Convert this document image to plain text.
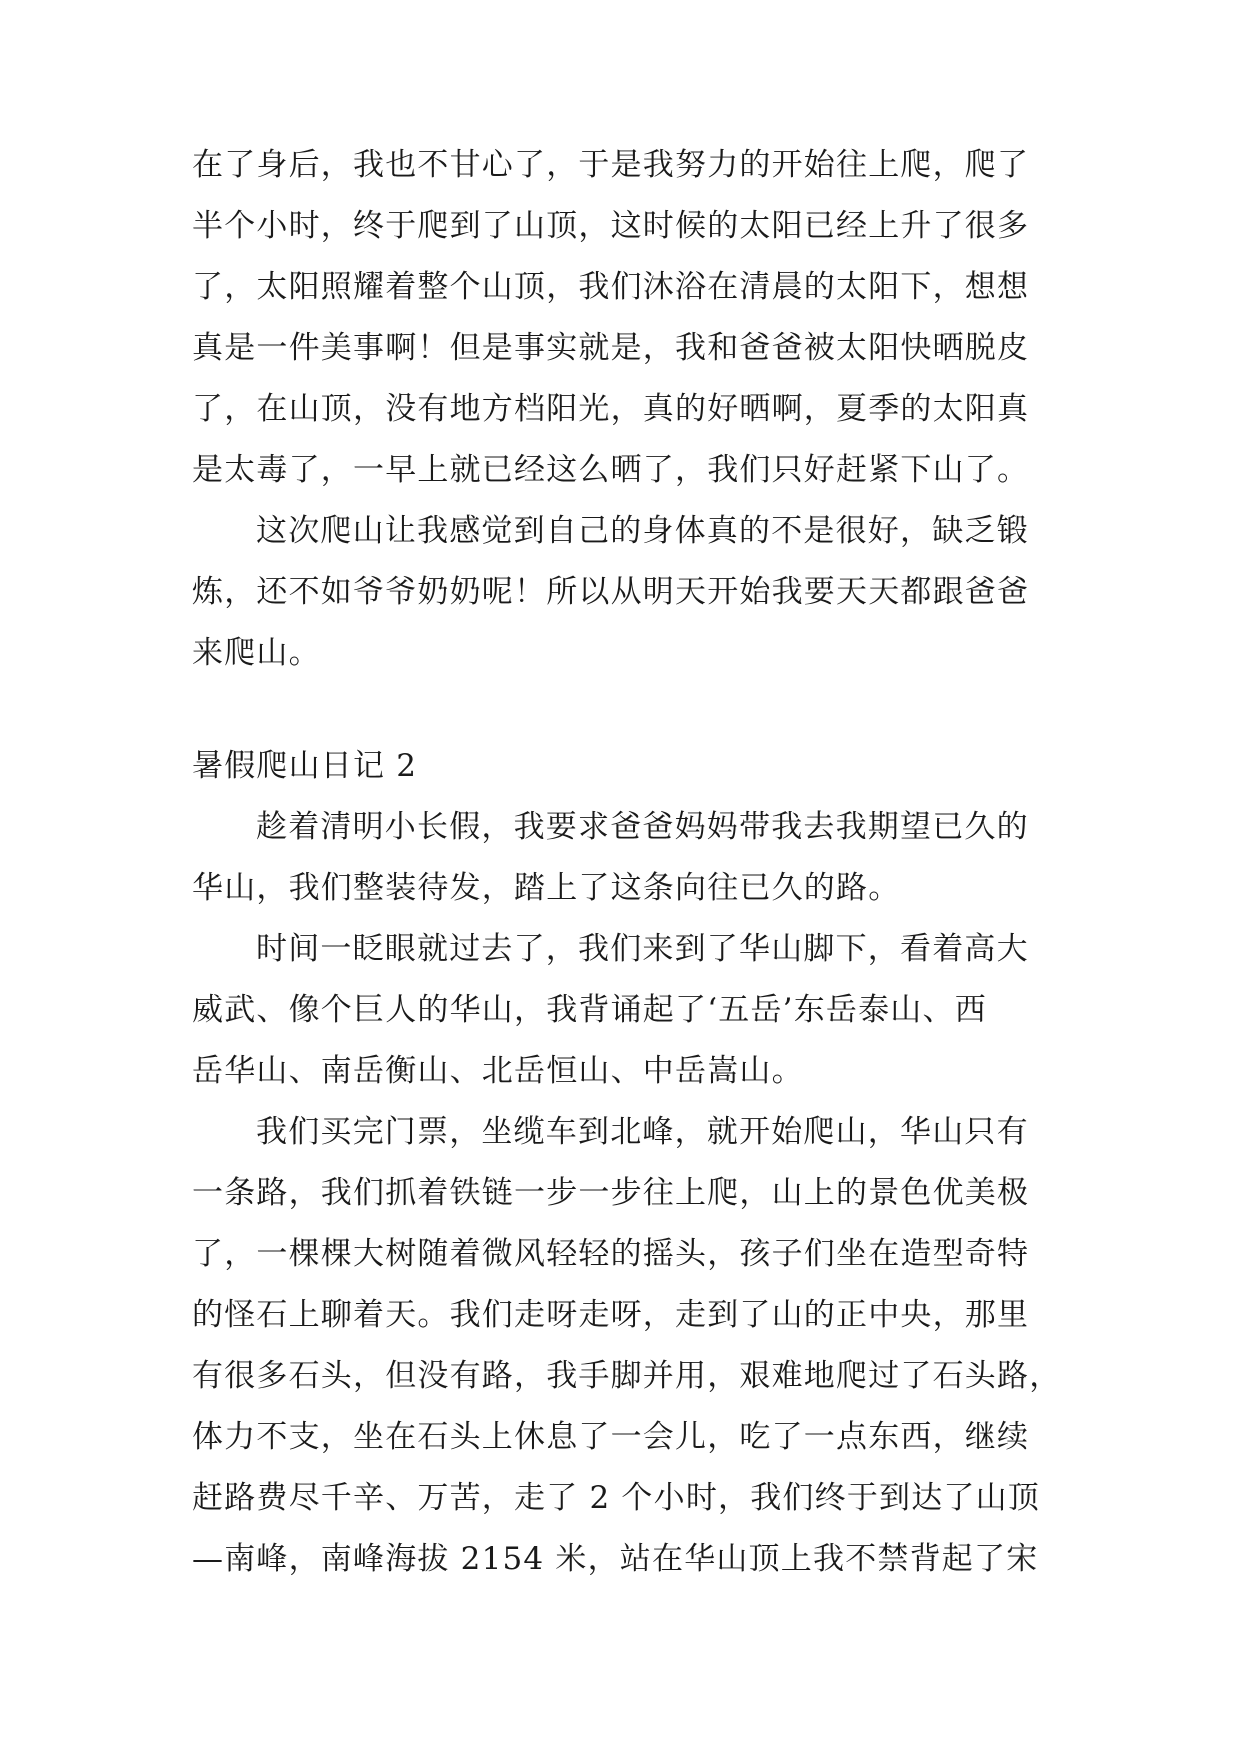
在了身后，我也不甘心了，于是我努力的开始往上爬，爬了
半个小时，终于爬到了山顶，这时候的太阳已经上升了很多
了，太阳照耀着整个山顶，我们沐浴在清晨的太阳下，想想
真是一件美事啊！但是事实就是，我和爸爸被太阳快晒脱皮
了，在山顶，没有地方档阳光，真的好晒啊，夏季的太阳真
是太毒了，一早上就已经这么晒了，我们只好赶紧下山了。
这次爬山让我感觉到自己的身体真的不是很好，缺乏锻
炼，还不如爷爷奶奶呢！所以从明天开始我要天天都跟爸爸
来爬山。
暑假爬山日记 2
趁着清明小长假，我要求爸爸妈妈带我去我期望已久的
华山，我们整装待发，踏上了这条向往已久的路。
时间一眨眼就过去了，我们来到了华山脚下，看着高大
威武、像个巨人的华山，我背诵起了‘五岳’东岳泰山、西
岳华山、南岳衡山、北岳恒山、中岳嵩山。
我们买完门票，坐缆车到北峰，就开始爬山，华山只有
一条路，我们抓着铁链一步一步往上爬，山上的景色优美极
了，一棵棵大树随着微风轻轻的摇头，孩子们坐在造型奇特
的怪石上聊着天。我们走呀走呀，走到了山的正中央，那里
有很多石头，但没有路，我手脚并用，艰难地爬过了石头路，
体力不支，坐在石头上休息了一会儿，吃了一点东西，继续
赶路费尽千辛、万苦，走了 2 个小时，我们终于到达了山顶
—南峰，南峰海拔 2154 米，站在华山顶上我不禁背起了宋
